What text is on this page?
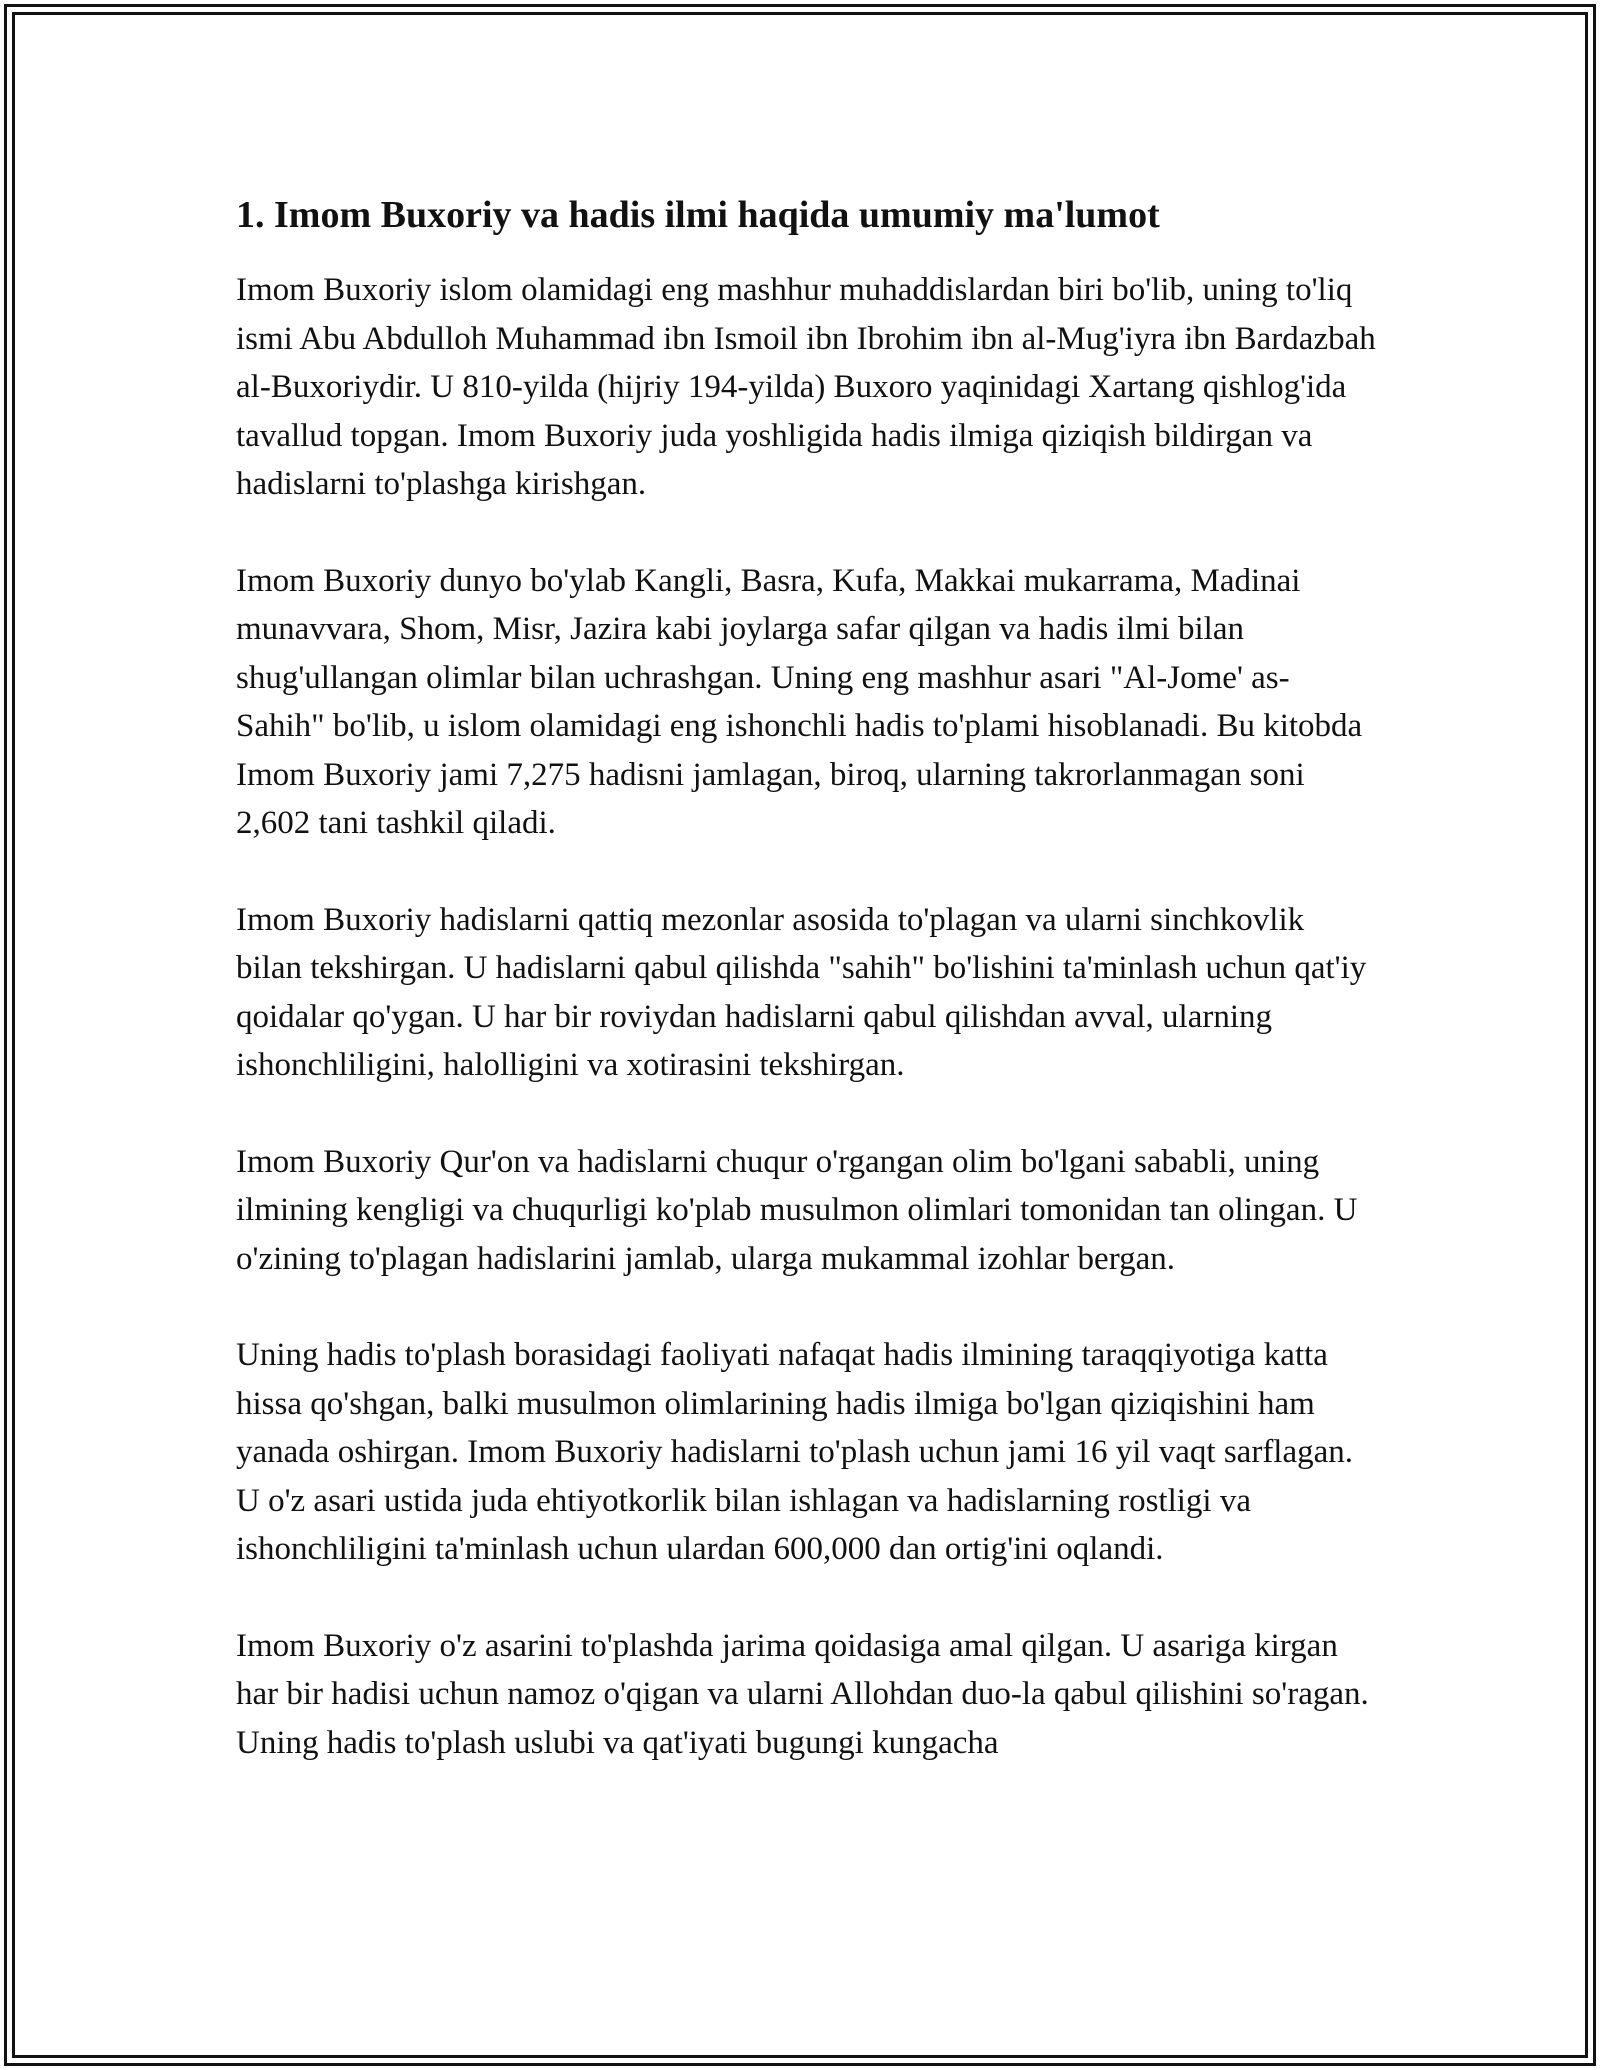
1. Imom Buxoriy va hadis ilmi haqida umumiy ma'lumot

Imom Buxoriy islom olamidagi eng mashhur muhaddislardan biri bo'lib, uning to'liq ismi Abu Abdulloh Muhammad ibn Ismoil ibn Ibrohim ibn al-Mug'iyra ibn Bardazbah al-Buxoriydir. U 810-yilda (hijriy 194-yilda) Buxoro yaqinidagi Xartang qishlog'ida tavallud topgan. Imom Buxoriy juda yoshligida hadis ilmiga qiziqish bildirgan va hadislarni to'plashga kirishgan.

Imom Buxoriy dunyo bo'ylab Kangli, Basra, Kufa, Makkai mukarrama, Madinai munavvara, Shom, Misr, Jazira kabi joylarga safar qilgan va hadis ilmi bilan shug'ullangan olimlar bilan uchrashgan. Uning eng mashhur asari "Al-Jome' as-Sahih" bo'lib, u islom olamidagi eng ishonchli hadis to'plami hisoblanadi. Bu kitobda Imom Buxoriy jami 7,275 hadisni jamlagan, biroq, ularning takrorlanmagan soni 2,602 tani tashkil qiladi.

Imom Buxoriy hadislarni qattiq mezonlar asosida to'plagan va ularni sinchkovlik bilan tekshirgan. U hadislarni qabul qilishda "sahih" bo'lishini ta'minlash uchun qat'iy qoidalar qo'ygan. U har bir roviydan hadislarni qabul qilishdan avval, ularning ishonchliligini, halolligini va xotirasini tekshirgan.

Imom Buxoriy Qur'on va hadislarni chuqur o'rgangan olim bo'lgani sababli, uning ilmining kengligi va chuqurligi ko'plab musulmon olimlari tomonidan tan olingan. U o'zining to'plagan hadislarini jamlab, ularga mukammal izohlar bergan.

Uning hadis to'plash borasidagi faoliyati nafaqat hadis ilmining taraqqiyotiga katta hissa qo'shgan, balki musulmon olimlarining hadis ilmiga bo'lgan qiziqishini ham yanada oshirgan. Imom Buxoriy hadislarni to'plash uchun jami 16 yil vaqt sarflagan. U o'z asari ustida juda ehtiyotkorlik bilan ishlagan va hadislarning rostligi va ishonchliligini ta'minlash uchun ulardan 600,000 dan ortig'ini oqlandi.

Imom Buxoriy o'z asarini to'plashda jarima qoidasiga amal qilgan. U asariga kirgan har bir hadisi uchun namoz o'qigan va ularni Allohdan duo-la qabul qilishini so'ragan. Uning hadis to'plash uslubi va qat'iyati bugungi kungacha
